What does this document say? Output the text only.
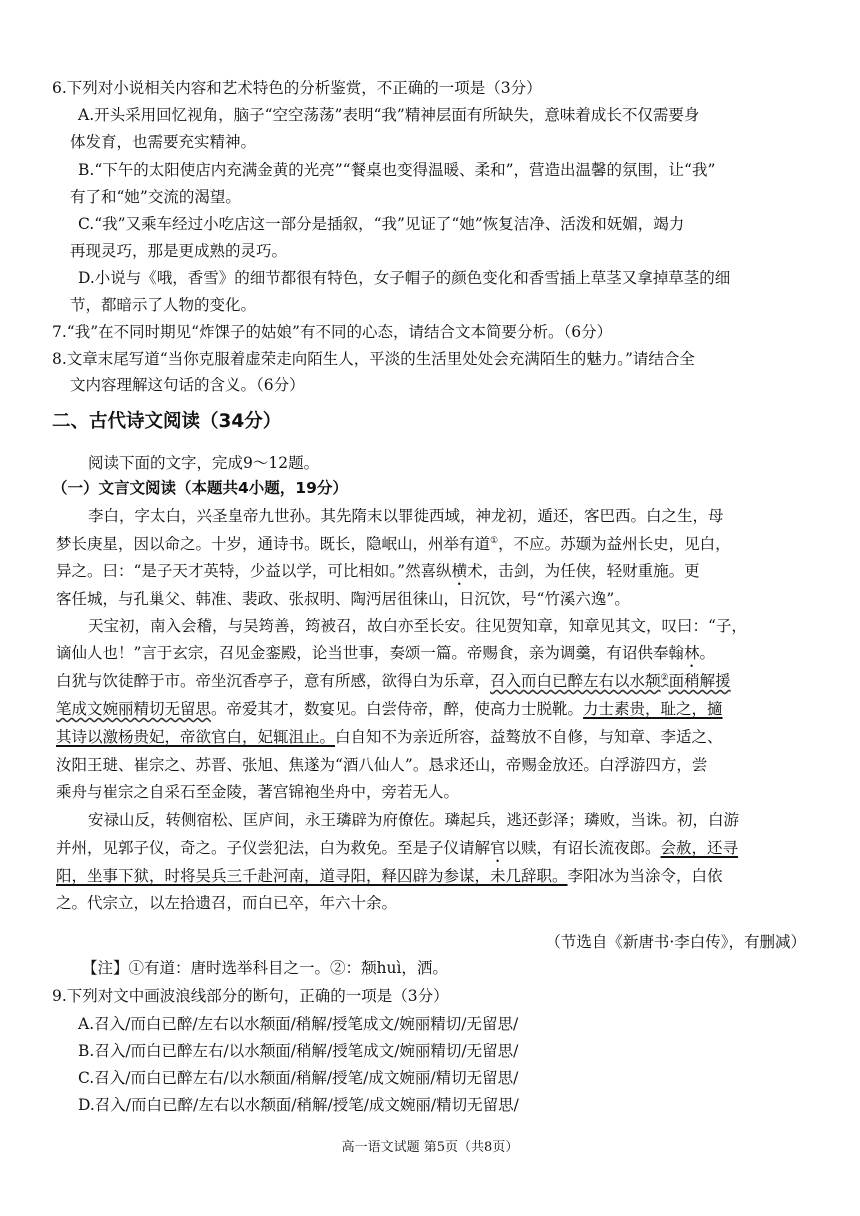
6.下列对小说相关内容和艺术特色的分析鉴赏，不正确的一项是（3分）
A.开头采用回忆视角，脑子“空空荡荡”表明“我”精神层面有所缺失，意味着成长不仅需要身
体发育，也需要充实精神。
B.“下午的太阳使店内充满金黄的光亮”“餐桌也变得温暖、柔和”，营造出温馨的氛围，让“我”
有了和“她”交流的渴望。
C.“我”又乘车经过小吃店这一部分是插叙，“我”见证了“她”恢复洁净、活泼和妩媚，竭力
再现灵巧，那是更成熟的灵巧。
D.小说与《哦，香雪》的细节都很有特色，女子帽子的颜色变化和香雪插上草茎又拿掉草茎的细
节，都暗示了人物的变化。
7.“我”在不同时期见“炸馃子的姑娘”有不同的心态，请结合文本简要分析。（6分）
8.文章末尾写道“当你克服着虚荣走向陌生人，平淡的生活里处处会充满陌生的魅力。”请结合全
文内容理解这句话的含义。（6分）
二、古代诗文阅读（34分）
阅读下面的文字，完成9～12题。
（一）文言文阅读（本题共4小题，19分）
李白，字太白，兴圣皇帝九世孙。其先隋末以罪徙西域，神龙初，遁还，客巴西。白之生，母
梦长庚星，因以命之。十岁，通诗书。既长，隐岷山，州举有道①，不应。苏颋为益州长史，见白，
异之。曰：“是子天才英特，少益以学，可比相如。”然喜纵横术，击剑，为任侠，轻财重施。更
客任城，与孔巢父、韩准、裴政、张叔明、陶沔居徂徕山，日沉饮，号“竹溪六逸”。
天宝初，南入会稽，与吴筠善，筠被召，故白亦至长安。往见贺知章，知章见其文，叹曰：“子，
谪仙人也！”言于玄宗，召见金銮殿，论当世事，奏颂一篇。帝赐食，亲为调羹，有诏供奉翰林。
白犹与饮徒醉于市。帝坐沉香亭子，意有所感，欲得白为乐章，召入而白已醉左右以水颒②面稍解援
笔成文婉丽精切无留思。帝爱其才，数宴见。白尝侍帝，醉，使高力士脱靴。力士素贵，耻之，擿
其诗以激杨贵妃，帝欲官白，妃辄沮止。白自知不为亲近所容，益骜放不自修，与知章、李适之、
汝阳王琎、崔宗之、苏晋、张旭、焦遂为“酒八仙人”。恳求还山，帝赐金放还。白浮游四方，尝
乘舟与崔宗之自采石至金陵，著宫锦袍坐舟中，旁若无人。
安禄山反，转侧宿松、匡庐间，永王璘辟为府僚佐。璘起兵，逃还彭泽；璘败，当诛。初，白游
并州，见郭子仪，奇之。子仪尝犯法，白为救免。至是子仪请解官以赎，有诏长流夜郎。会赦，还寻
阳，坐事下狱，时将吴兵三千赴河南，道寻阳，释囚辟为参谋，未几辞职。李阳冰为当涂令，白依
之。代宗立，以左拾遗召，而白已卒，年六十余。
（节选自《新唐书·李白传》，有删减）
【注】①有道：唐时选举科目之一。②：颒huì，洒。
9.下列对文中画波浪线部分的断句，正确的一项是（3分）
A.召入/而白已醉/左右以水颒面/稍解/授笔成文/婉丽精切/无留思/
B.召入/而白已醉左右/以水颒面/稍解/授笔成文/婉丽精切/无留思/
C.召入/而白已醉左右/以水颒面/稍解/授笔/成文婉丽/精切无留思/
D.召入/而白已醉/左右以水颒面/稍解/授笔/成文婉丽/精切无留思/
高一语文试题 第5页（共8页）
